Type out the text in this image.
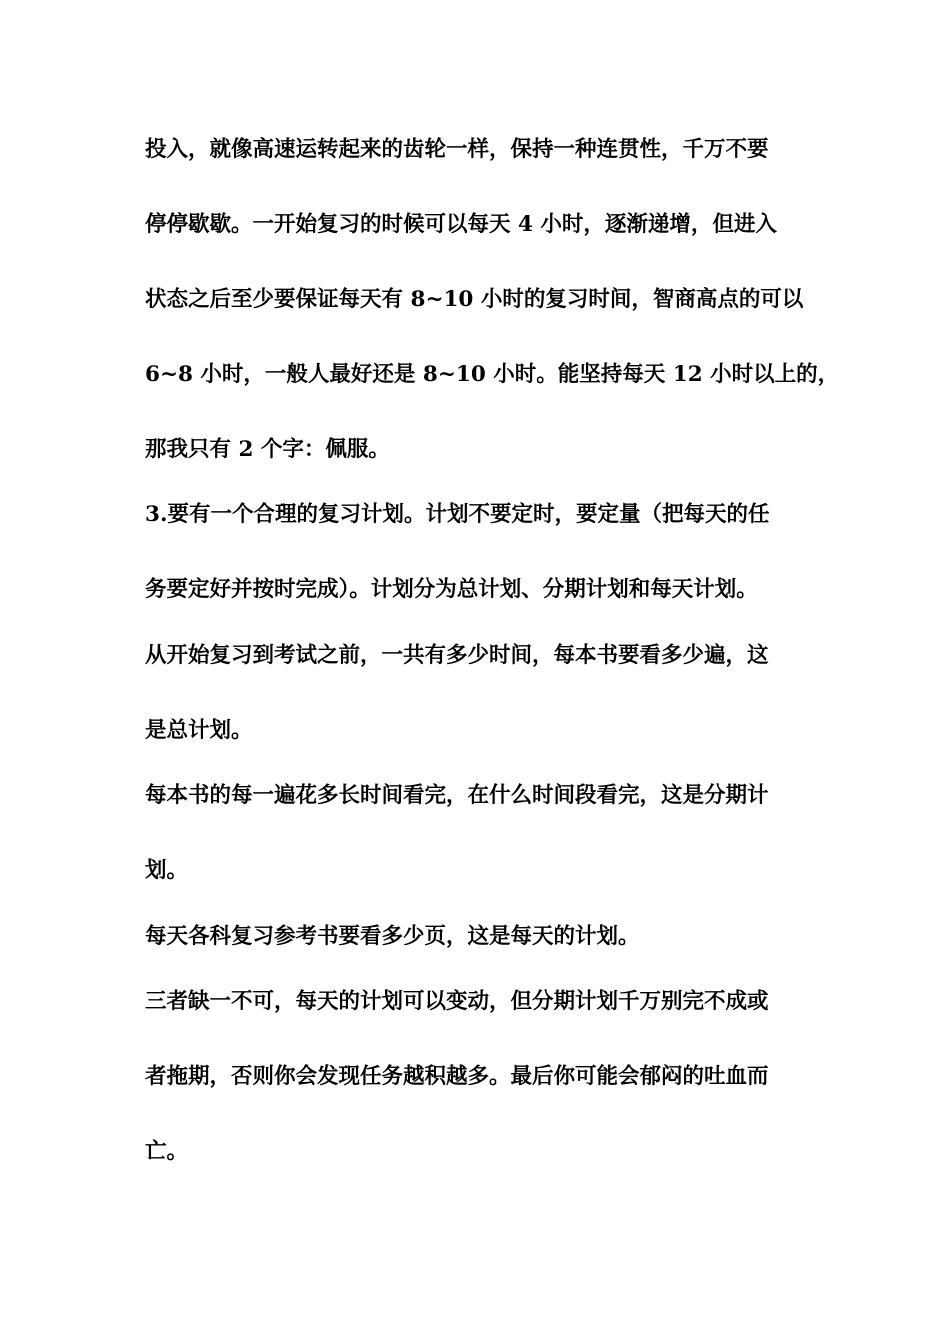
投入，就像高速运转起来的齿轮一样，保持一种连贯性，千万不要
停停歇歇。一开始复习的时候可以每天 4 小时，逐渐递增，但进入
状态之后至少要保证每天有 8~10 小时的复习时间，智商高点的可以
6~8 小时，一般人最好还是 8~10 小时。能坚持每天 12 小时以上的，
那我只有 2 个字：佩服。
3.要有一个合理的复习计划。计划不要定时，要定量（把每天的任
务要定好并按时完成）。计划分为总计划、分期计划和每天计划。
从开始复习到考试之前，一共有多少时间，每本书要看多少遍，这
是总计划。
每本书的每一遍花多长时间看完，在什么时间段看完，这是分期计
划。
每天各科复习参考书要看多少页，这是每天的计划。
三者缺一不可，每天的计划可以变动，但分期计划千万别完不成或
者拖期，否则你会发现任务越积越多。最后你可能会郁闷的吐血而
亡。
